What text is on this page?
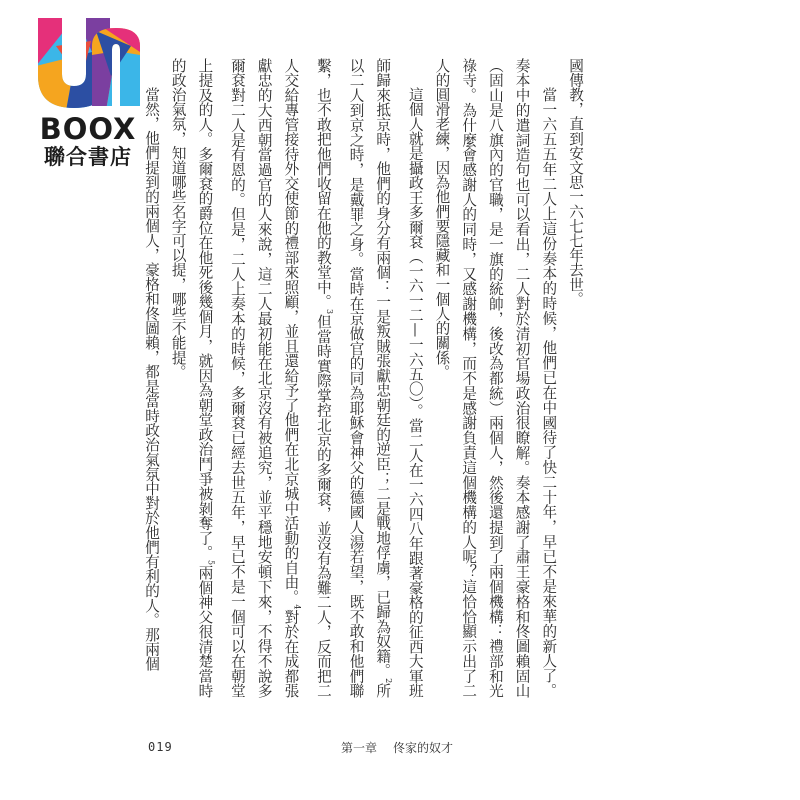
BOOX
聯合書店	國傳教，直到安文思一六七七年去世。

當一六五五年二人上這份奏本的時候，他們已在中國待了快二十年，早已不是來華的新人了。奏本中的遣詞造句也可以看出，二人對於清初官場政治很瞭解。奏本感謝了肅王豪格和佟圖賴固山（固山是八旗內的官職，是一旗的統帥，後改為都統）兩個人，然後還提到了兩個機構：禮部和光祿寺。為什麼會感謝人的同時，又感謝機構，而不是感謝負責這個機構的人呢？這恰恰顯示出了二人的圓滑老練，因為他們要隱藏和一個人的關係。

這個人就是攝政王多爾袞（一六一二—一六五〇）。當二人在一六四八年跟著豪格的征西大軍班師歸來抵京時，他們的身分有兩個：一是叛賊張獻忠朝廷的逆臣；二是戰地俘虜，已歸為奴籍。$^2$所以二人到京之時，是戴罪之身。當時在京做官的同為耶穌會神父的德國人湯若望，既不敢和他們聯繫，也不敢把他們收留在他的教堂中。$^3$但當時實際掌控北京的多爾袞，並沒有為難二人，反而把二人交給專管接待外交使節的禮部來照顧，並且還給予了他們在北京城中活動的自由。$^4$對於在成都張獻忠的大西朝當過官的人來說，這二人最初能在北京沒有被追究，並平穩地安頓下來，不得不說多爾袞對二人是有恩的。但是，二人上奏本的時候，多爾袞已經去世五年，早已不是一個可以在朝堂上提及的人。多爾袞的爵位在他死後幾個月，就因為朝堂政治鬥爭被剝奪了。$^5$兩個神父很清楚當時的政治氣氛，知道哪些名字可以提，哪些不能提。

當然，他們提到的兩個人，豪格和佟圖賴，都是當時政治氣氛中對於他們有利的人。那兩個

019	第一章 佟家的奴才
